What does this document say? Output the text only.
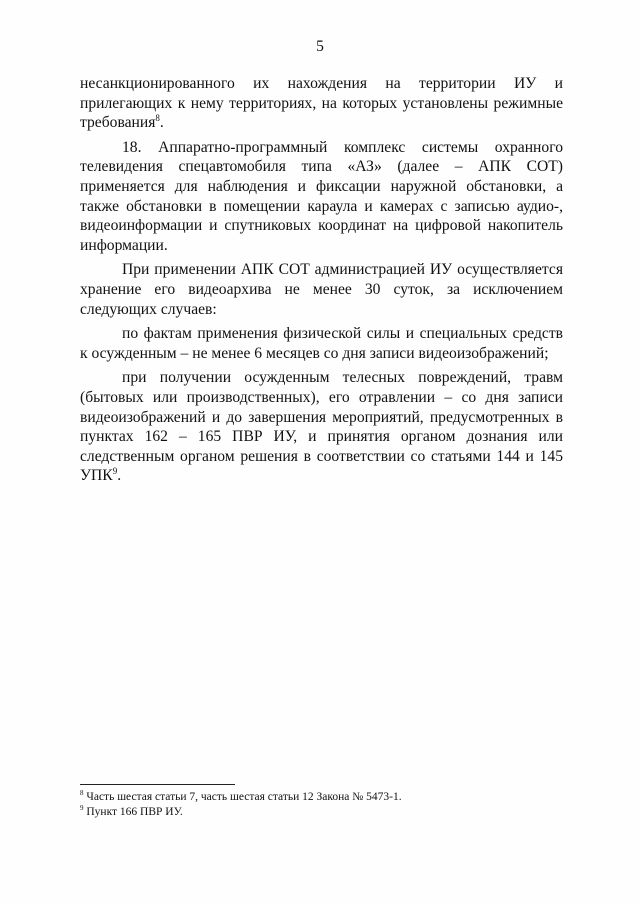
5

несанкционированного их нахождения на территории ИУ и прилегающих к нему территориях, на которых установлены режимные требования$^8$.

18. Аппаратно-программный комплекс системы охранного телевидения спецавтомобиля типа «АЗ» (далее – АПК СОТ) применяется для наблюдения и фиксации наружной обстановки, а также обстановки в помещении караула и камерах с записью аудио-, видеоинформации и спутниковых координат на цифровой накопитель информации.

При применении АПК СОТ администрацией ИУ осуществляется хранение его видеоархива не менее 30 суток, за исключением следующих случаев:

по фактам применения физической силы и специальных средств к осужденным – не менее 6 месяцев со дня записи видеоизображений;

при получении осужденным телесных повреждений, травм (бытовых или производственных), его отравлении – со дня записи видеоизображений и до завершения мероприятий, предусмотренных в пунктах 162 – 165 ПВР ИУ, и принятия органом дознания или следственным органом решения в соответствии со статьями 144 и 145 УПК$^9$.

$^8$ Часть шестая статьи 7, часть шестая статьи 12 Закона № 5473-1.

$^9$ Пункт 166 ПВР ИУ.
